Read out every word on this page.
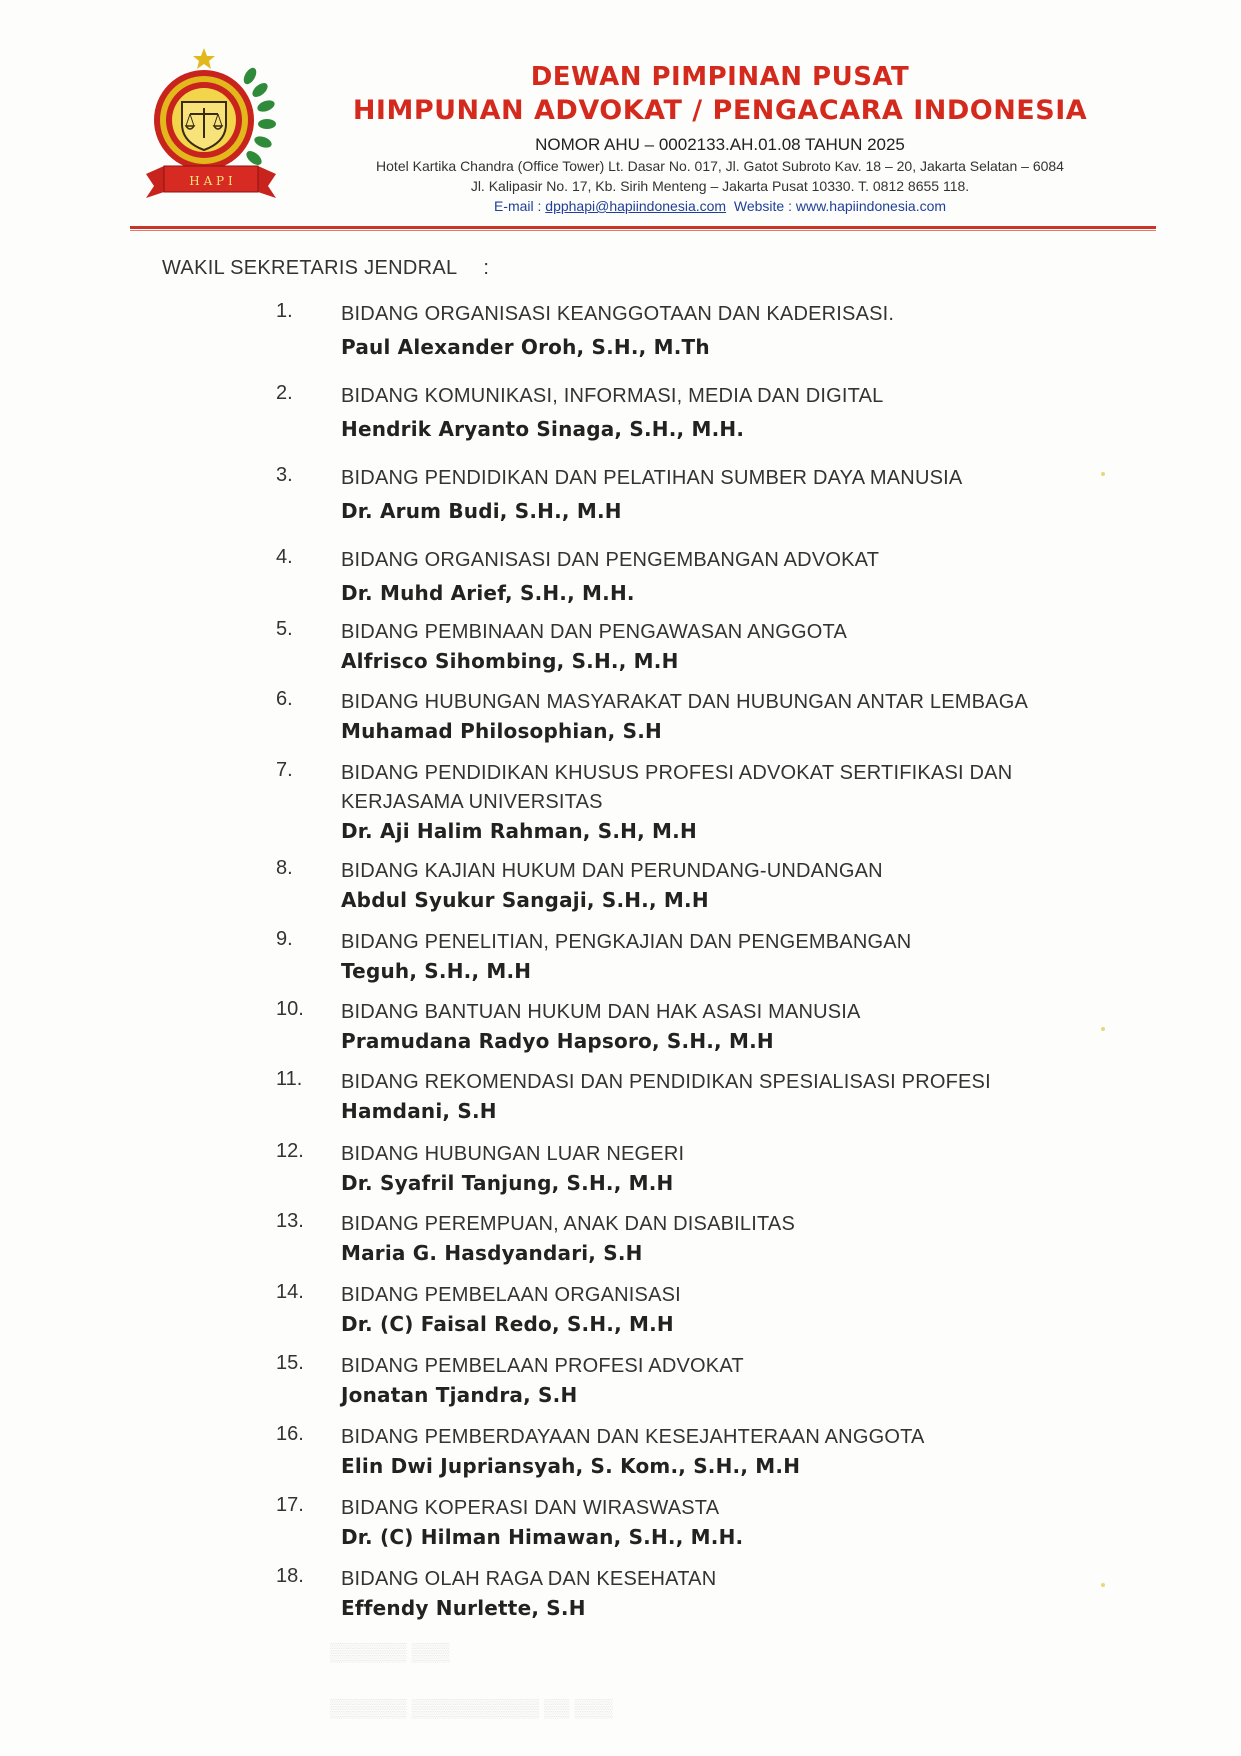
H A P I
DEWAN PIMPINAN PUSAT
HIMPUNAN ADVOKAT / PENGACARA INDONESIA
NOMOR AHU – 0002133.AH.01.08 TAHUN 2025
Hotel Kartika Chandra (Office Tower) Lt. Dasar No. 017, Jl. Gatot Subroto Kav. 18 – 20, Jakarta Selatan – 6084
Jl. Kalipasir No. 17, Kb. Sirih Menteng – Jakarta Pusat 10330. T. 0812 8655 118.
E-mail : dpphapi@hapiindonesia.com Website : www.hapiindonesia.com
WAKIL SEKRETARIS JENDRAL :
1.	BIDANG ORGANISASI KEANGGOTAAN DAN KADERISASI.
Paul Alexander Oroh, S.H., M.Th
2.	BIDANG KOMUNIKASI, INFORMASI, MEDIA DAN DIGITAL
Hendrik Aryanto Sinaga, S.H., M.H.
3.	BIDANG PENDIDIKAN DAN PELATIHAN SUMBER DAYA MANUSIA
Dr. Arum Budi, S.H., M.H
4.	BIDANG ORGANISASI DAN PENGEMBANGAN ADVOKAT
Dr. Muhd Arief, S.H., M.H.
5.	BIDANG PEMBINAAN DAN PENGAWASAN ANGGOTA
Alfrisco Sihombing, S.H., M.H
6.	BIDANG HUBUNGAN MASYARAKAT DAN HUBUNGAN ANTAR LEMBAGA
Muhamad Philosophian, S.H
7.	BIDANG PENDIDIKAN KHUSUS PROFESI ADVOKAT SERTIFIKASI DAN KERJASAMA UNIVERSITAS
Dr. Aji Halim Rahman, S.H, M.H
8.	BIDANG KAJIAN HUKUM DAN PERUNDANG-UNDANGAN
Abdul Syukur Sangaji, S.H., M.H
9.	BIDANG PENELITIAN, PENGKAJIAN DAN PENGEMBANGAN
Teguh, S.H., M.H
10.	BIDANG BANTUAN HUKUM DAN HAK ASASI MANUSIA
Pramudana Radyo Hapsoro, S.H., M.H
11.	BIDANG REKOMENDASI DAN PENDIDIKAN SPESIALISASI PROFESI
Hamdani, S.H
12.	BIDANG HUBUNGAN LUAR NEGERI
Dr. Syafril Tanjung, S.H., M.H
13.	BIDANG PEREMPUAN, ANAK DAN DISABILITAS
Maria G. Hasdyandari, S.H
14.	BIDANG PEMBELAAN ORGANISASI
Dr. (C) Faisal Redo, S.H., M.H
15.	BIDANG PEMBELAAN PROFESI ADVOKAT
Jonatan Tjandra, S.H
16.	BIDANG PEMBERDAYAAN DAN KESEJAHTERAAN ANGGOTA
Elin Dwi Jupriansyah, S. Kom., S.H., M.H
17.	BIDANG KOPERASI DAN WIRASWASTA
Dr. (C) Hilman Himawan, S.H., M.H.
18.	BIDANG OLAH RAGA DAN KESEHATAN
Effendy Nurlette, S.H
▒▒▒▒▒▒ ▒▒▒
▒▒▒▒▒▒ ▒▒▒▒▒▒▒▒▒▒ ▒▒ ▒▒▒
